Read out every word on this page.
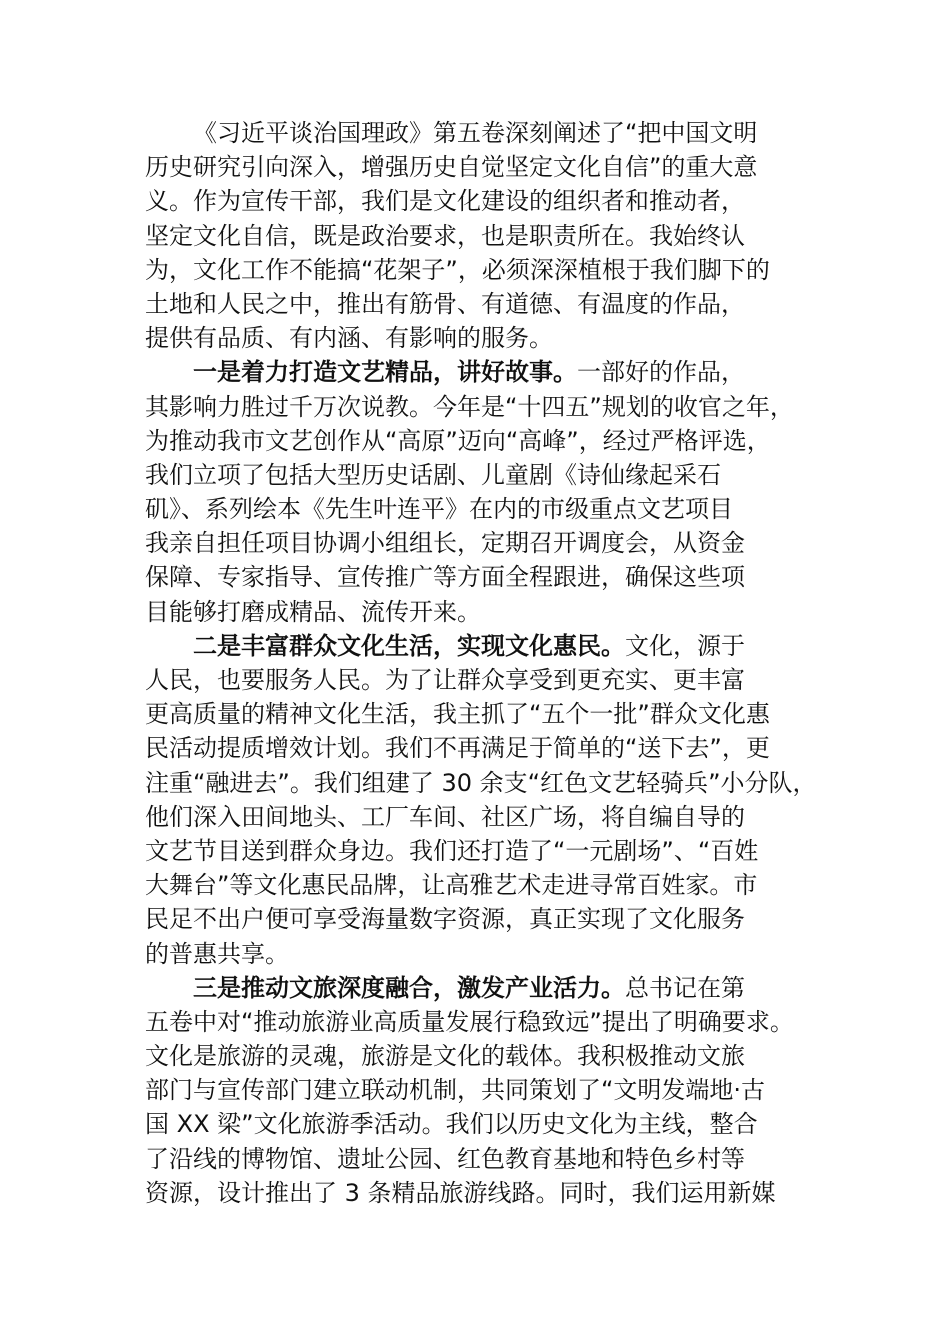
《习近平谈治国理政》第五卷深刻阐述了“把中国文明
历史研究引向深入，增强历史自觉坚定文化自信”的重大意
义。作为宣传干部，我们是文化建设的组织者和推动者，
坚定文化自信，既是政治要求，也是职责所在。我始终认
为，文化工作不能搞“花架子”，必须深深植根于我们脚下的
土地和人民之中，推出有筋骨、有道德、有温度的作品，
提供有品质、有内涵、有影响的服务。
一是着力打造文艺精品，讲好故事。一部好的作品，
其影响力胜过千万次说教。今年是“十四五”规划的收官之年，
为推动我市文艺创作从“高原”迈向“高峰”，经过严格评选，
我们立项了包括大型历史话剧、儿童剧《诗仙缘起采石
矶》、系列绘本《先生叶连平》在内的市级重点文艺项目
我亲自担任项目协调小组组长，定期召开调度会，从资金
保障、专家指导、宣传推广等方面全程跟进，确保这些项
目能够打磨成精品、流传开来。
二是丰富群众文化生活，实现文化惠民。文化，源于
人民，也要服务人民。为了让群众享受到更充实、更丰富
更高质量的精神文化生活，我主抓了“五个一批”群众文化惠
民活动提质增效计划。我们不再满足于简单的“送下去”，更
注重“融进去”。我们组建了 30 余支“红色文艺轻骑兵”小分队，
他们深入田间地头、工厂车间、社区广场，将自编自导的
文艺节目送到群众身边。我们还打造了“一元剧场”、“百姓
大舞台”等文化惠民品牌，让高雅艺术走进寻常百姓家。市
民足不出户便可享受海量数字资源，真正实现了文化服务
的普惠共享。
三是推动文旅深度融合，激发产业活力。总书记在第
五卷中对“推动旅游业高质量发展行稳致远”提出了明确要求。
文化是旅游的灵魂，旅游是文化的载体。我积极推动文旅
部门与宣传部门建立联动机制，共同策划了“文明发端地·古
国 XX 梁”文化旅游季活动。我们以历史文化为主线，整合
了沿线的博物馆、遗址公园、红色教育基地和特色乡村等
资源，设计推出了 3 条精品旅游线路。同时，我们运用新媒
